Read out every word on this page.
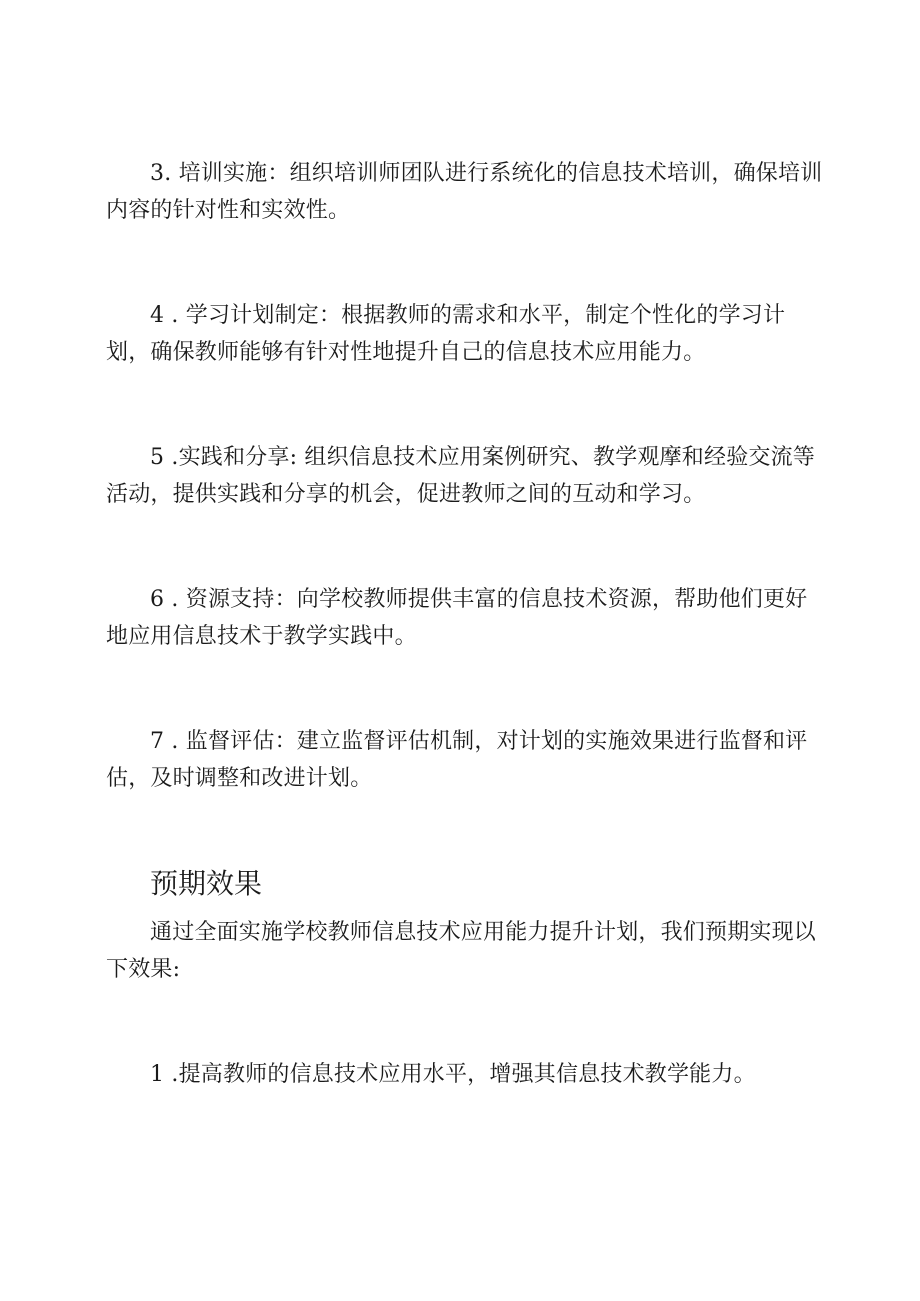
3. 培训实施：组织培训师团队进行系统化的信息技术培训，确保培训内容的针对性和实效性。

4 . 学习计划制定：根据教师的需求和水平，制定个性化的学习计划，确保教师能够有针对性地提升自己的信息技术应用能力。

5 .实践和分享: 组织信息技术应用案例研究、教学观摩和经验交流等活动，提供实践和分享的机会，促进教师之间的互动和学习。

6 . 资源支持：向学校教师提供丰富的信息技术资源，帮助他们更好地应用信息技术于教学实践中。

7 . 监督评估：建立监督评估机制，对计划的实施效果进行监督和评估，及时调整和改进计划。

预期效果

通过全面实施学校教师信息技术应用能力提升计划，我们预期实现以下效果:

1 .提高教师的信息技术应用水平，增强其信息技术教学能力。
